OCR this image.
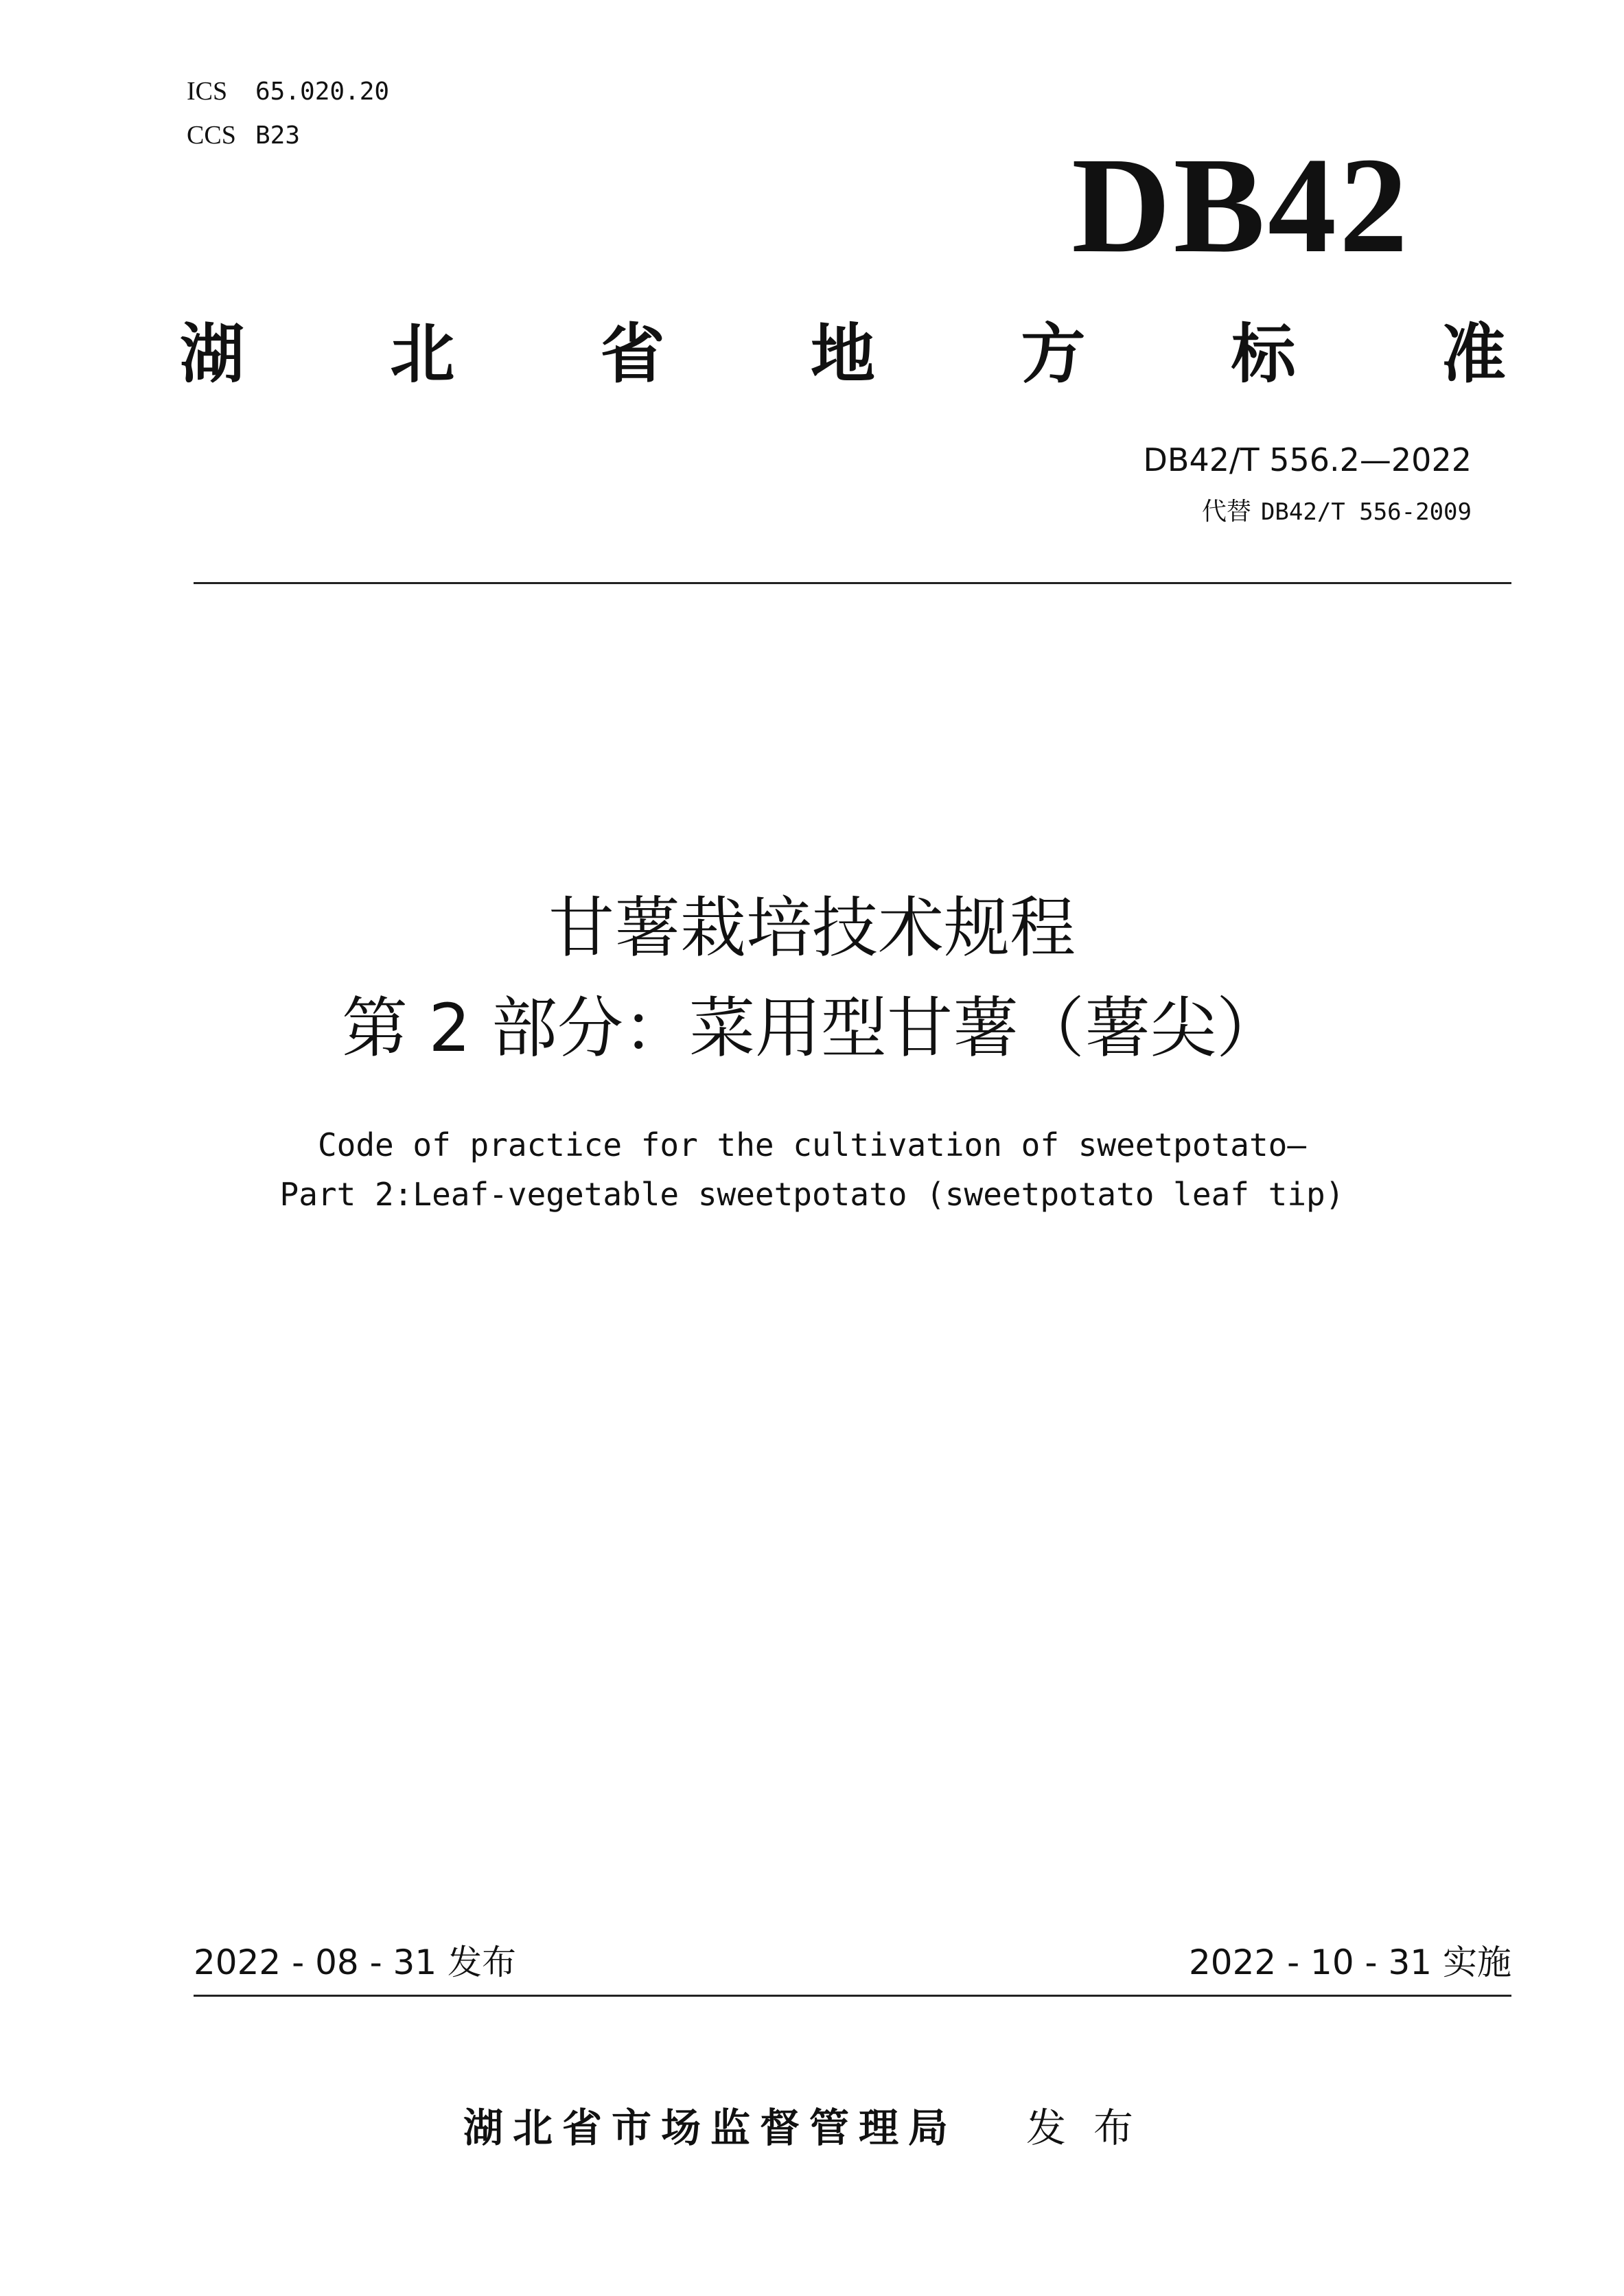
ICS	65.020.20
CCS B23	DB42
湖 北 省 地 方 标 准
DB42/T 556.2—2022
代替 DB42/T 556-2009
甘薯栽培技术规程
第 2 部分：菜用型甘薯（薯尖）
Code of practice for the cultivation of sweetpotato—
Part 2:Leaf-vegetable sweetpotato (sweetpotato leaf tip)
2022 - 08 - 31 发布	2022 - 10 - 31 实施
湖北省市场监督管理局 发布
